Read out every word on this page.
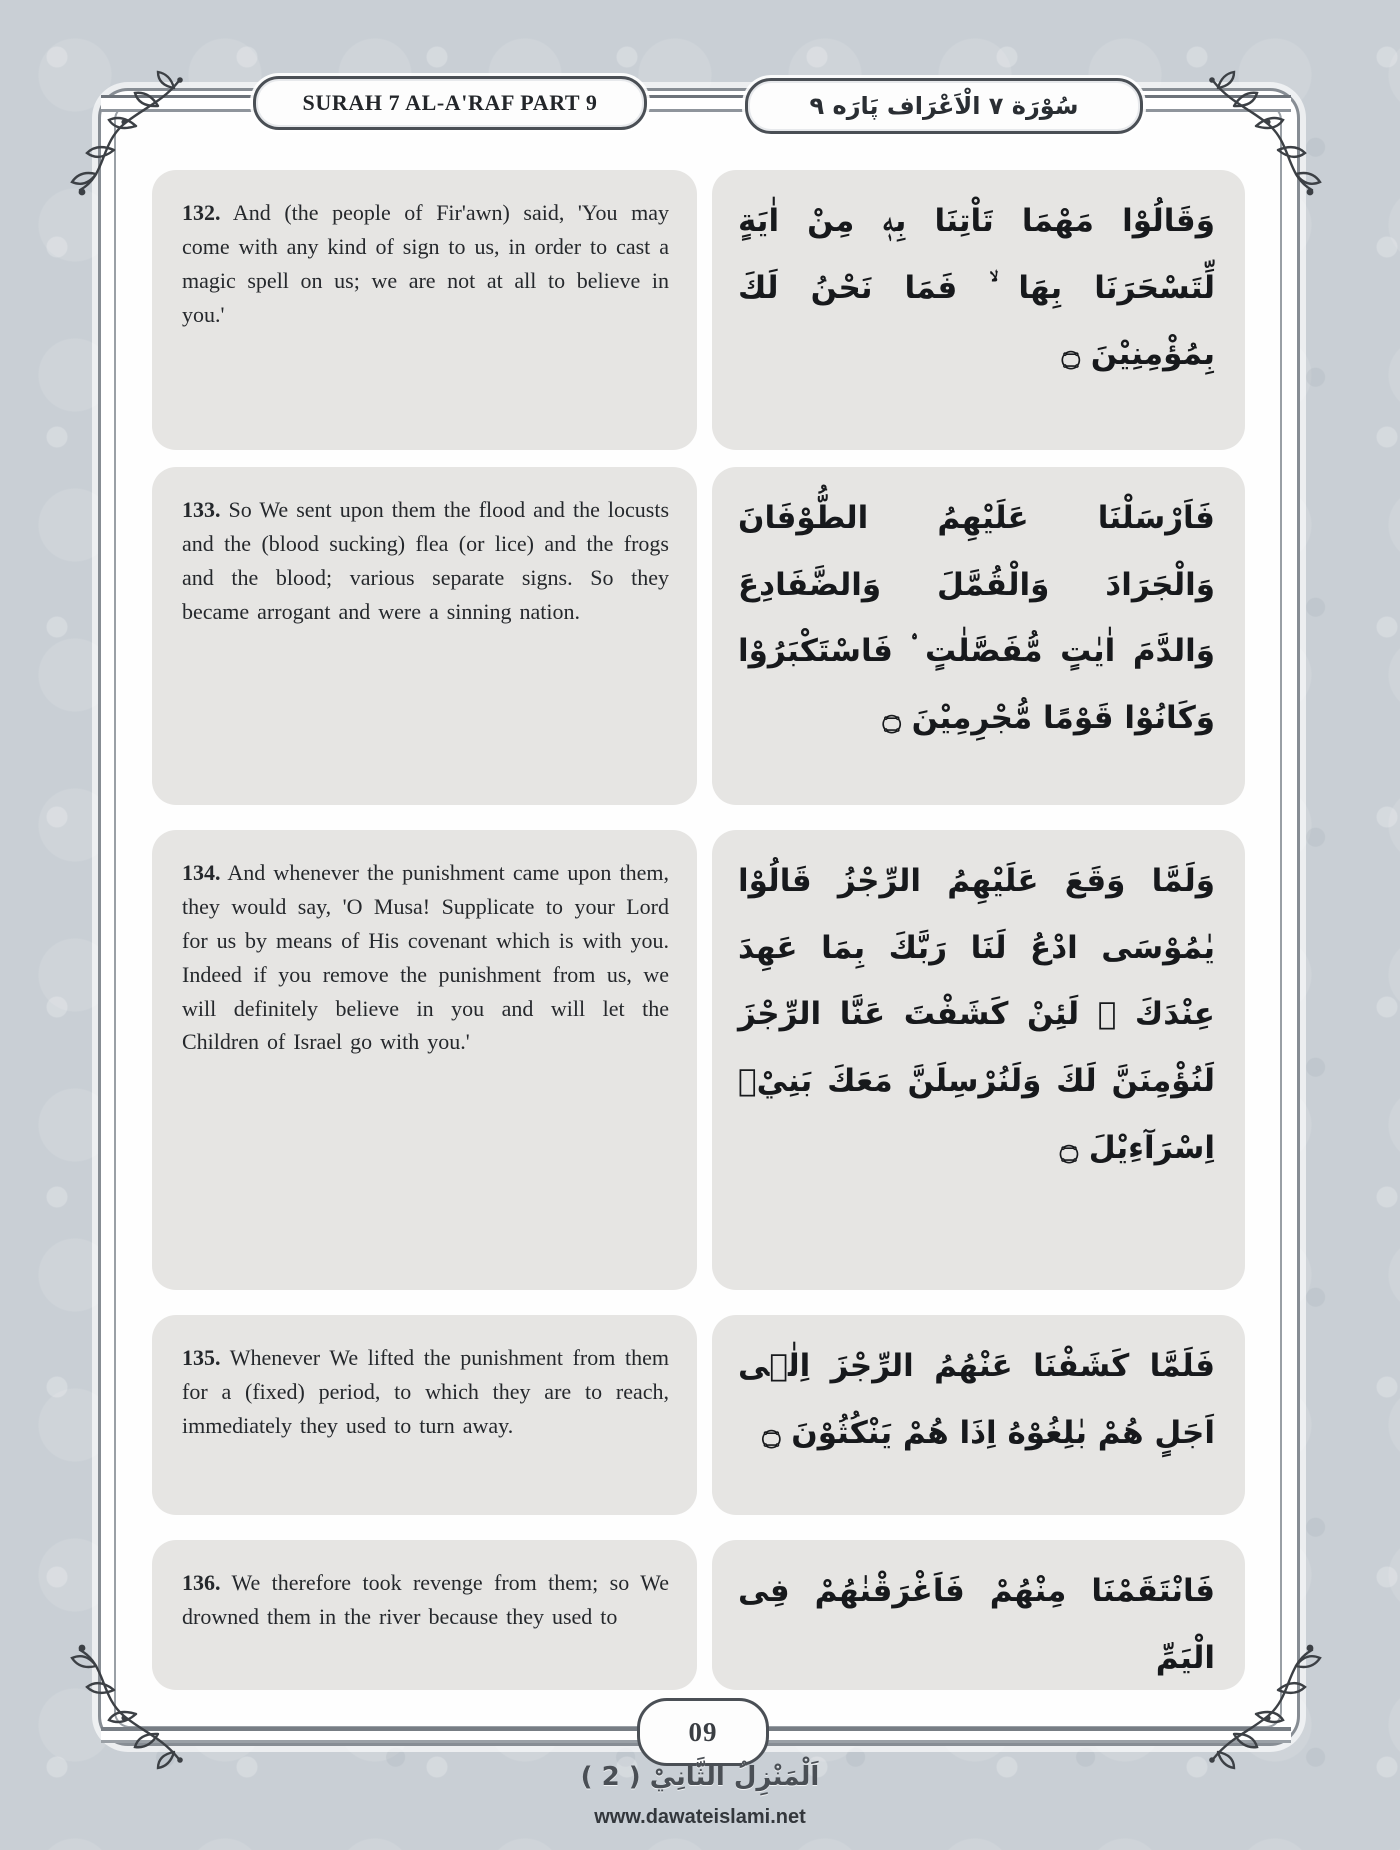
SURAH 7 AL-A'RAF PART 9	سُوْرَة ٧ الْاَعْرَاف پَارَه ٩
132. And (the people of Fir'awn) said, 'You may come with any kind of sign to us, in order to cast a magic spell on us; we are not at all to believe in you.'
وَقَالُوْا مَهْمَا تَاْتِنَا بِهٖ مِنْ اٰيَةٍ لِّتَسْحَرَنَا بِهَا ۙ فَمَا نَحْنُ لَكَ بِمُؤْمِنِيْنَ ۝
133. So We sent upon them the flood and the locusts and the (blood sucking) flea (or lice) and the frogs and the blood; various separate signs. So they became arrogant and were a sinning nation.
فَاَرْسَلْنَا عَلَيْهِمُ الطُّوْفَانَ وَالْجَرَادَ وَالْقُمَّلَ وَالضَّفَادِعَ وَالدَّمَ اٰيٰتٍ مُّفَصَّلٰتٍ ۟ فَاسْتَكْبَرُوْا وَكَانُوْا قَوْمًا مُّجْرِمِيْنَ ۝
134. And whenever the punishment came upon them, they would say, 'O Musa! Supplicate to your Lord for us by means of His covenant which is with you. Indeed if you remove the punishment from us, we will definitely believe in you and will let the Children of Israel go with you.'
وَلَمَّا وَقَعَ عَلَيْهِمُ الرِّجْزُ قَالُوْا يٰمُوْسَى ادْعُ لَنَا رَبَّكَ بِمَا عَهِدَ عِنْدَكَ ۚ لَئِنْ كَشَفْتَ عَنَّا الرِّجْزَ لَنُؤْمِنَنَّ لَكَ وَلَنُرْسِلَنَّ مَعَكَ بَنِيْۤ اِسْرَآءِيْلَ ۝
135. Whenever We lifted the punishment from them for a (fixed) period, to which they are to reach, immediately they used to turn away.
فَلَمَّا كَشَفْنَا عَنْهُمُ الرِّجْزَ اِلٰۤى اَجَلٍ هُمْ بٰلِغُوْهُ اِذَا هُمْ يَنْكُثُوْنَ ۝
136. We therefore took revenge from them; so We drowned them in the river because they used to
فَانْتَقَمْنَا مِنْهُمْ فَاَغْرَقْنٰهُمْ فِى الْيَمِّ
09
اَلْمَنْزِلُ الثَّانِيْ ( 2 )
www.dawateislami.net
